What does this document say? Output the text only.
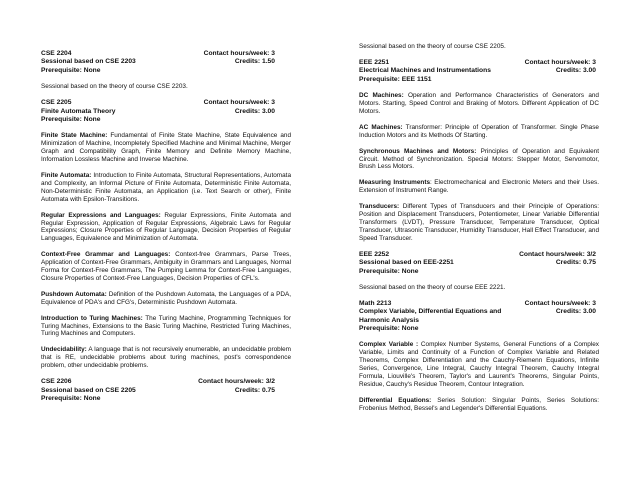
CSE 2204	Contact hours/week: 3
Sessional based on CSE 2203	Credits: 1.50
Prerequisite: None

Sessional based on the theory of course CSE 2203.

CSE 2205	Contact hours/week: 3
Finite Automata Theory	Credits: 3.00
Prerequisite: None

Finite State Machine: Fundamental of Finite State Machine, State Equivalence and Minimization of Machine, Incompletely Specified Machine and Minimal Machine, Merger Graph and Compatibility Graph, Finite Memory and Definite Memory Machine, Information Lossless Machine and Inverse Machine.

Finite Automata: Introduction to Finite Automata, Structural Representations, Automata and Complexity, an Informal Picture of Finite Automata, Deterministic Finite Automata, Non-Deterministic Finite Automata, an Application (i.e. Text Search or other), Finite Automata with Epsilon-Transitions.

Regular Expressions and Languages: Regular Expressions, Finite Automata and Regular Expression, Application of Regular Expressions, Algebraic Laws for Regular Expressions; Closure Properties of Regular Language, Decision Properties of Regular Languages, Equivalence and Minimization of Automata.

Context-Free Grammar and Languages: Context-free Grammars, Parse Trees, Application of Context-Free Grammars, Ambiguity in Grammars and Languages, Normal Forma for Context-Free Grammars, The Pumping Lemma for Context-Free Languages, Closure Properties of Context-Free Languages, Decision Properties of CFL's.

Pushdown Automata: Definition of the Pushdown Automata, the Languages of a PDA, Equivalence of PDA's and CFG's, Deterministic Pushdown Automata.

Introduction to Turing Machines: The Turing Machine, Programming Techniques for Turing Machines, Extensions to the Basic Turing Machine, Restricted Turing Machines, Turing Machines and Computers.

Undecidability: A language that is not recursively enumerable, an undecidable problem that is RE, undecidable problems about turing machines, post's correspondence problem, other undecidable problems.

CSE 2206	Contact hours/week: 3/2
Sessional based on CSE 2205	Credits: 0.75
Prerequisite: None

Sessional based on the theory of course CSE 2205.

EEE 2251	Contact hours/week: 3
Electrical Machines and Instrumentations	Credits: 3.00
Prerequisite: EEE 1151

DC Machines: Operation and Performance Characteristics of Generators and Motors. Starting, Speed Control and Braking of Motors. Different Application of DC Motors.

AC Machines: Transformer: Principle of Operation of Transformer. Single Phase Induction Motors and its Methods Of Starting.

Synchronous Machines and Motors: Principles of Operation and Equivalent Circuit. Method of Synchronization. Special Motors: Stepper Motor, Servomotor, Brush Less Motors.

Measuring Instruments: Electromechanical and Electronic Meters and their Uses. Extension of Instrument Range.

Transducers: Different Types of Transducers and their Principle of Operations: Position and Displacement Transducers, Potentiometer, Linear Variable Differential Transformers (LVDT), Pressure Transducer, Temperature Transducer, Optical Transducer, Ultrasonic Transducer, Humidity Transducer, Hall Effect Transducer, and Speed Transducer.

EEE 2252	Contact hours/week: 3/2
Sessional based on EEE-2251	Credits: 0.75
Prerequisite: None

Sessional based on the theory of course EEE 2221.

Math 2213	Contact hours/week: 3
Complex Variable, Differential Equations and Harmonic Analysis
Credits: 3.00
Prerequisite: None

Complex Variable : Complex Number Systems, General Functions of a Complex Variable, Limits and Continuity of a Function of Complex Variable and Related Theorems, Complex Differentiation and the Cauchy-Riemenn Equations, Infinite Series, Convergence, Line Integral, Cauchy Integral Theorem, Cauchy Integral Formula, Liouville's Theorem, Taylor's and Laurent's Theorems, Singular Points, Residue, Cauchy's Residue Theorem, Contour Integration.

Differential Equations: Series Solution: Singular Points, Series Solutions: Frobenius Method, Bessel's and Legender's Differential Equations.
